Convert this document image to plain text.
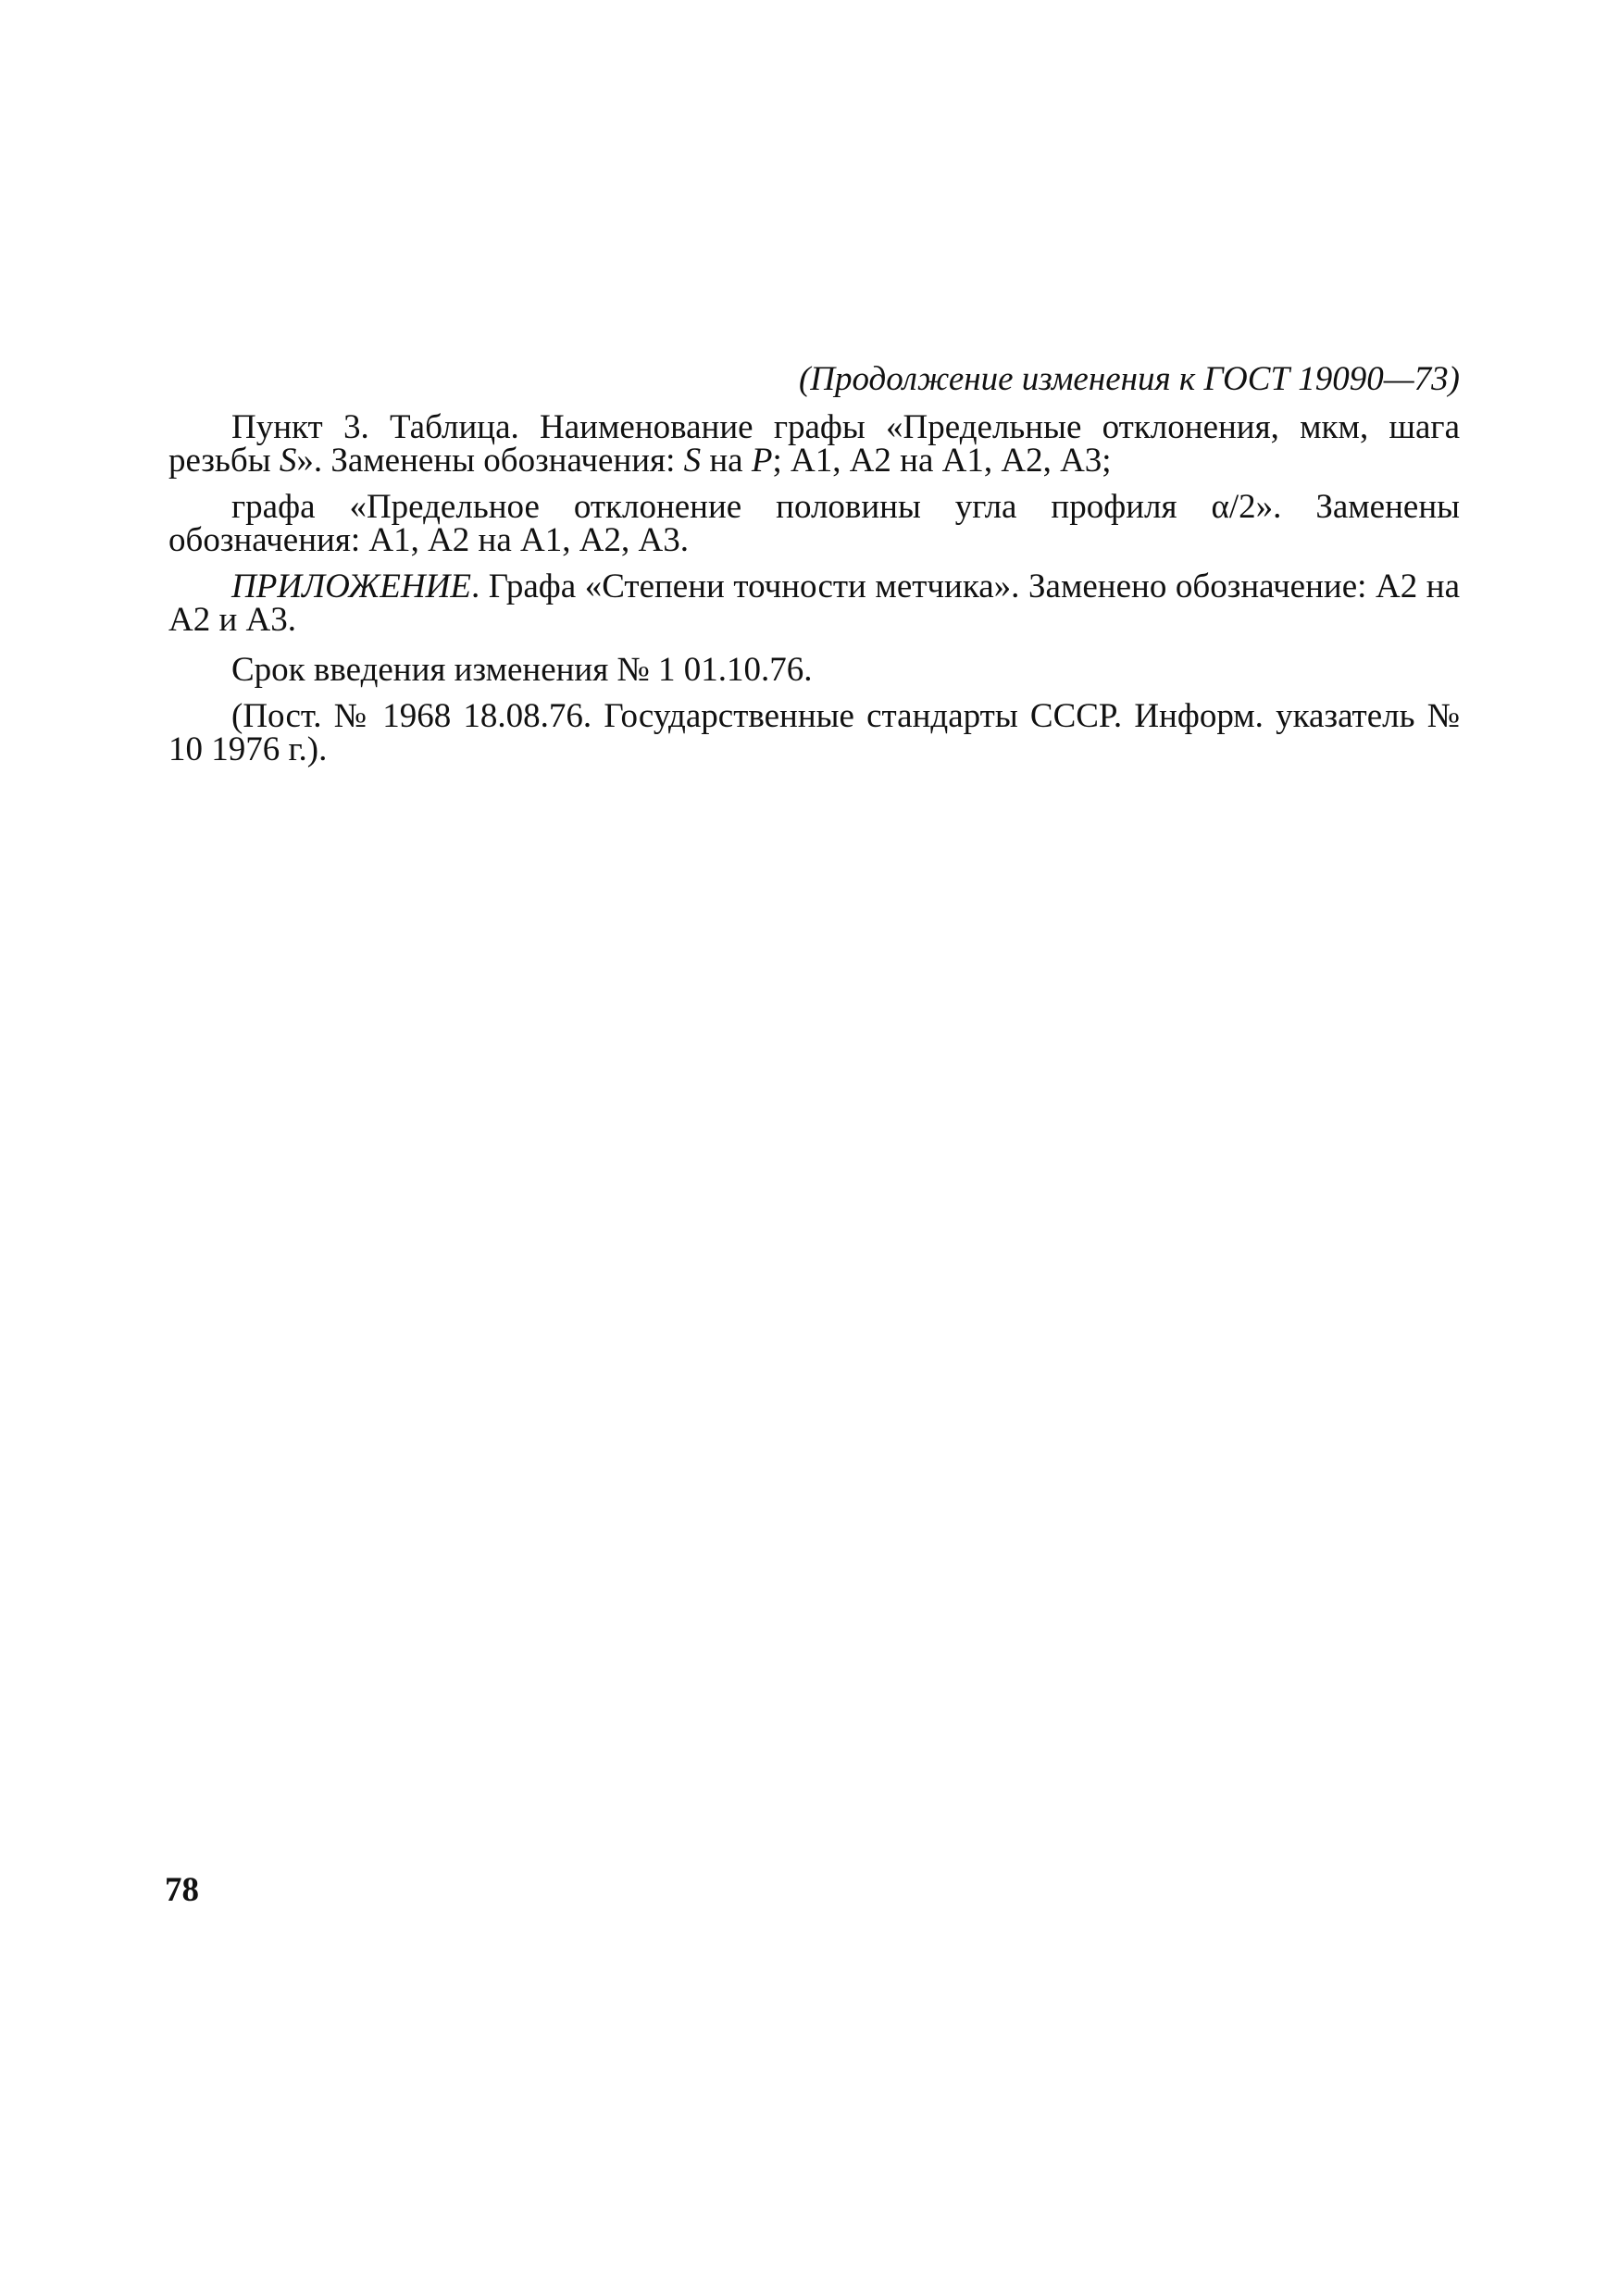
(Продолжение изменения к ГОСТ 19090—73)

Пункт 3. Таблица. Наименование графы «Предельные отклонения, мкм, шага резьбы S». Заменены обозначения: S на P; А1, А2 на А1, А2, А3;

графа «Предельное отклонение половины угла профиля α/2». Заменены обозначения: А1, А2 на А1, А2, А3.

ПРИЛОЖЕНИЕ. Графа «Степени точности метчика». Заменено обозначение: А2 на А2 и А3.

Срок введения изменения № 1 01.10.76.

(Пост. № 1968 18.08.76. Государственные стандарты СССР. Информ. указатель № 10 1976 г.).

78
